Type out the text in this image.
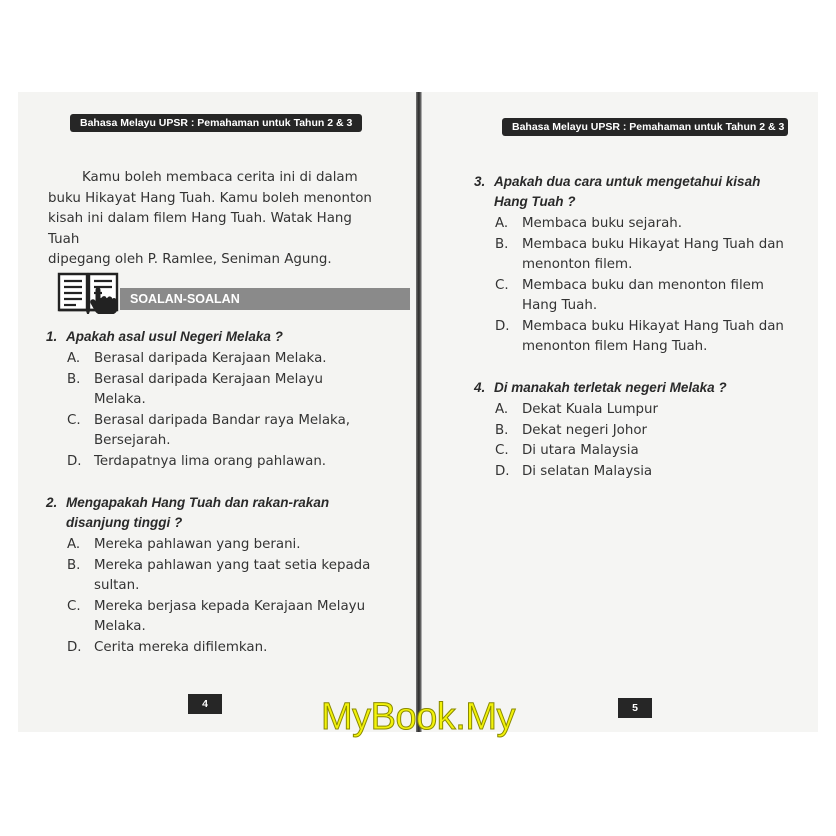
Bahasa Melayu UPSR : Pemahaman untuk Tahun 2 & 3

Kamu boleh membaca cerita ini di dalam
buku Hikayat Hang Tuah. Kamu boleh menonton
kisah ini dalam filem Hang Tuah. Watak Hang Tuah
dipegang oleh P. Ramlee, Seniman Agung.

SOALAN-SOALAN
1. Apakah asal usul Negeri Melaka ?
A. Berasal daripada Kerajaan Melaka.
B. Berasal daripada Kerajaan Melayu
Melaka.
C. Berasal daripada Bandar raya Melaka,
Bersejarah.
D. Terdapatnya lima orang pahlawan.
2. Mengapakah Hang Tuah dan rakan-rakan
disanjung tinggi ?
A. Mereka pahlawan yang berani.
B. Mereka pahlawan yang taat setia kepada
sultan.
C. Mereka berjasa kepada Kerajaan Melayu
Melaka.
D. Cerita mereka difilemkan.
4
Bahasa Melayu UPSR : Pemahaman untuk Tahun 2 & 3
3. Apakah dua cara untuk mengetahui kisah
Hang Tuah ?
A. Membaca buku sejarah.
B. Membaca buku Hikayat Hang Tuah dan
menonton filem.
C. Membaca buku dan menonton filem
Hang Tuah.
D. Membaca buku Hikayat Hang Tuah dan
menonton filem Hang Tuah.
4. Di manakah terletak negeri Melaka ?
A. Dekat Kuala Lumpur
B. Dekat negeri Johor
C. Di utara Malaysia
D. Di selatan Malaysia
5
MyBook.My
